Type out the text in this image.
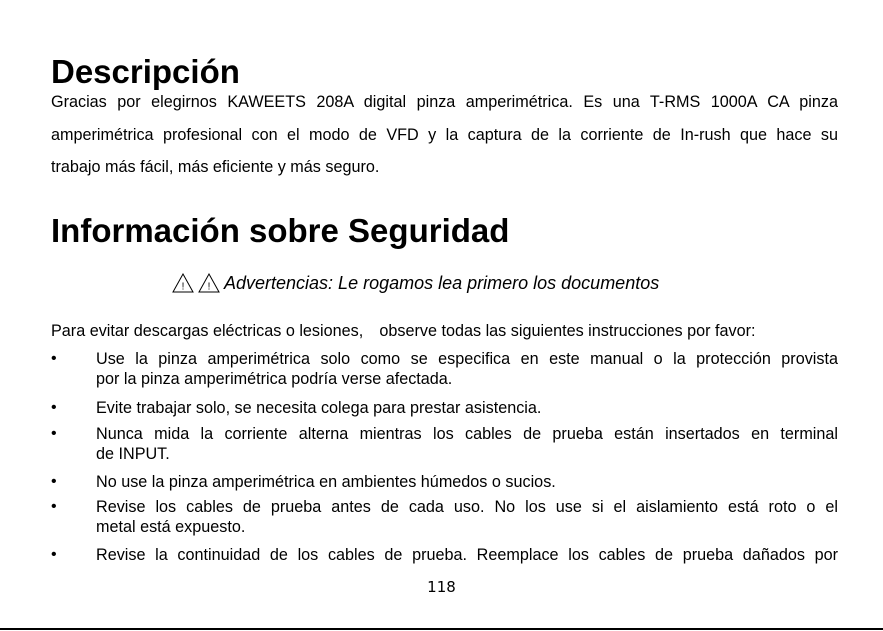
Descripción
Gracias por elegirnos KAWEETS 208A digital pinza amperimétrica. Es una T-RMS 1000A CA pinza
amperimétrica profesional con el modo de VFD y la captura de la corriente de In-rush que hace su
trabajo más fácil, más eficiente y más seguro.
Información sobre Seguridad
! ! Advertencias: Le rogamos lea primero los documentos
Para evitar descargas eléctricas o lesiones,　observe todas las siguientes instrucciones por favor:
• Use la pinza amperimétrica solo como se especifica en este manual o la protección provista
por la pinza amperimétrica podría verse afectada.
• Evite trabajar solo, se necesita colega para prestar asistencia.
• Nunca mida la corriente alterna mientras los cables de prueba están insertados en terminal
de INPUT.
• No use la pinza amperimétrica en ambientes húmedos o sucios.
• Revise los cables de prueba antes de cada uso. No los use si el aislamiento está roto o el
metal está expuesto.
• Revise la continuidad de los cables de prueba. Reemplace los cables de prueba dañados por
118
